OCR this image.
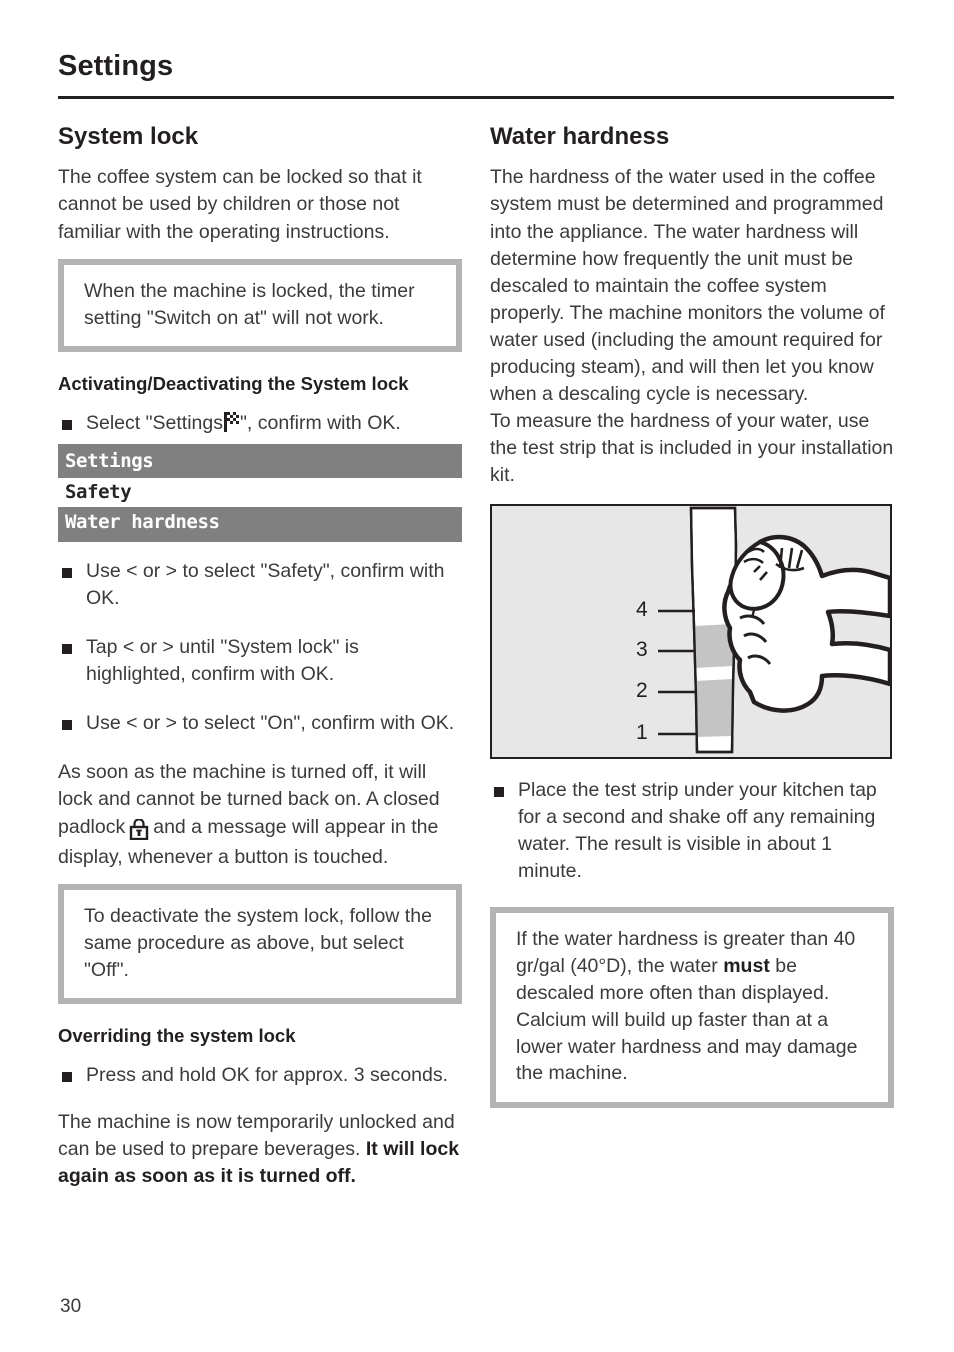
Settings
System lock

The coffee system can be locked so that it cannot be used by children or those not familiar with the operating instructions.

When the machine is locked, the timer setting "Switch on at" will not work.

Activating/Deactivating the System lock
Select "Settings ", confirm with OK.
Settings
Safety
Water hardness
Use < or > to select "Safety", confirm with OK.
Tap < or > until "System lock" is highlighted, confirm with OK.
Use < or > to select "On", confirm with OK.

As soon as the machine is turned off, it will lock and cannot be turned back on. A closed padlock and a message will appear in the display, whenever a button is touched.

To deactivate the system lock, follow the same procedure as above, but select "Off".

Overriding the system lock
Press and hold OK for approx. 3 seconds.

The machine is now temporarily unlocked and can be used to prepare beverages. It will lock again as soon as it is turned off.

Water hardness

The hardness of the water used in the coffee system must be determined and programmed into the appliance. The water hardness will determine how frequently the unit must be descaled to maintain the coffee system properly. The machine monitors the volume of water used (including the amount required for producing steam), and will then let you know when a descaling cycle is necessary.

To measure the hardness of your water, use the test strip that is included in your installation kit.

4
3
2
1
Place the test strip under your kitchen tap for a second and shake off any remaining water. The result is visible in about 1 minute.

If the water hardness is greater than 40 gr/gal (40°D), the water must be descaled more often than displayed. Calcium will build up faster than at a lower water hardness and may damage the machine.

30
